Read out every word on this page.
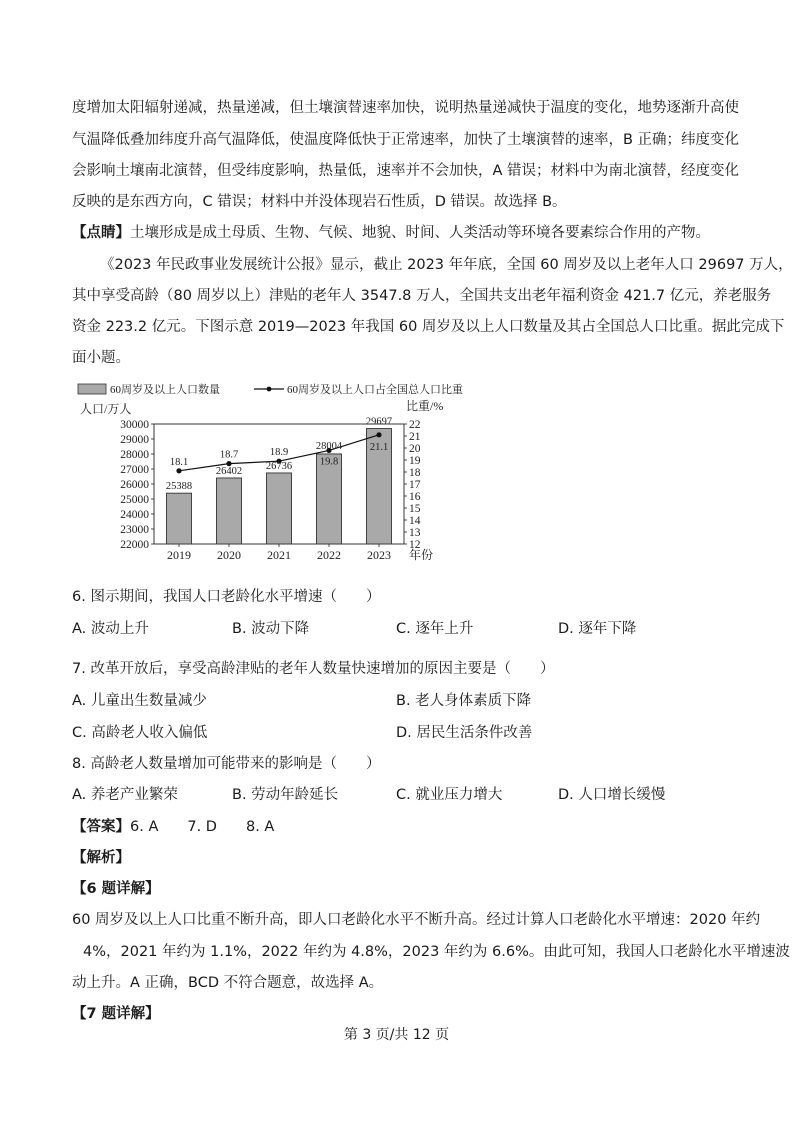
度增加太阳辐射递减，热量递减，但土壤演替速率加快，说明热量递减快于温度的变化，地势逐渐升高使
气温降低叠加纬度升高气温降低，使温度降低快于正常速率，加快了土壤演替的速率，B 正确；纬度变化
会影响土壤南北演替，但受纬度影响，热量低，速率并不会加快，A 错误；材料中为南北演替，经度变化
反映的是东西方向，C 错误；材料中并没体现岩石性质，D 错误。故选择 B。
【点睛】土壤形成是成土母质、生物、气候、地貌、时间、人类活动等环境各要素综合作用的产物。
《2023 年民政事业发展统计公报》显示，截止 2023 年年底，全国 60 周岁及以上老年人口 29697 万人，
其中享受高龄（80 周岁以上）津贴的老年人 3547.8 万人，全国共支出老年福利资金 421.7 亿元，养老服务
资金 223.2 亿元。下图示意 2019—2023 年我国 60 周岁及以上人口数量及其占全国总人口比重。据此完成下
面小题。
60周岁及以上人口数量	60周岁及以上人口占全国总人口比重
人口/万人	比重/%
年份
30000
29000
28000
27000
26000
25000
24000
23000
22000
22
21
20
19
18
17
16
15
14
13
12
2019 2020 2021 2022 2023
25388
18.1
26402
18.7
26736
18.9
28004
19.8
29697
21.1
6. 图示期间，我国人口老龄化水平增速（　　）
A. 波动上升	B. 波动下降	C. 逐年上升	D. 逐年下降
7. 改革开放后，享受高龄津贴的老年人数量快速增加的原因主要是（　　）
A. 儿童出生数量减少	B. 老人身体素质下降
C. 高龄老人收入偏低	D. 居民生活条件改善
8. 高龄老人数量增加可能带来的影响是（　　）
A. 养老产业繁荣	B. 劳动年龄延长	C. 就业压力增大	D. 人口增长缓慢
【答案】6. A　　7. D　　8. A
【解析】
【6 题详解】
60 周岁及以上人口比重不断升高，即人口老龄化水平不断升高。经过计算人口老龄化水平增速：2020 年约
4%，2021 年约为 1.1%，2022 年约为 4.8%，2023 年约为 6.6%。由此可知，我国人口老龄化水平增速波
动上升。A 正确，BCD 不符合题意，故选择 A。
【7 题详解】
第 3 页/共 12 页
